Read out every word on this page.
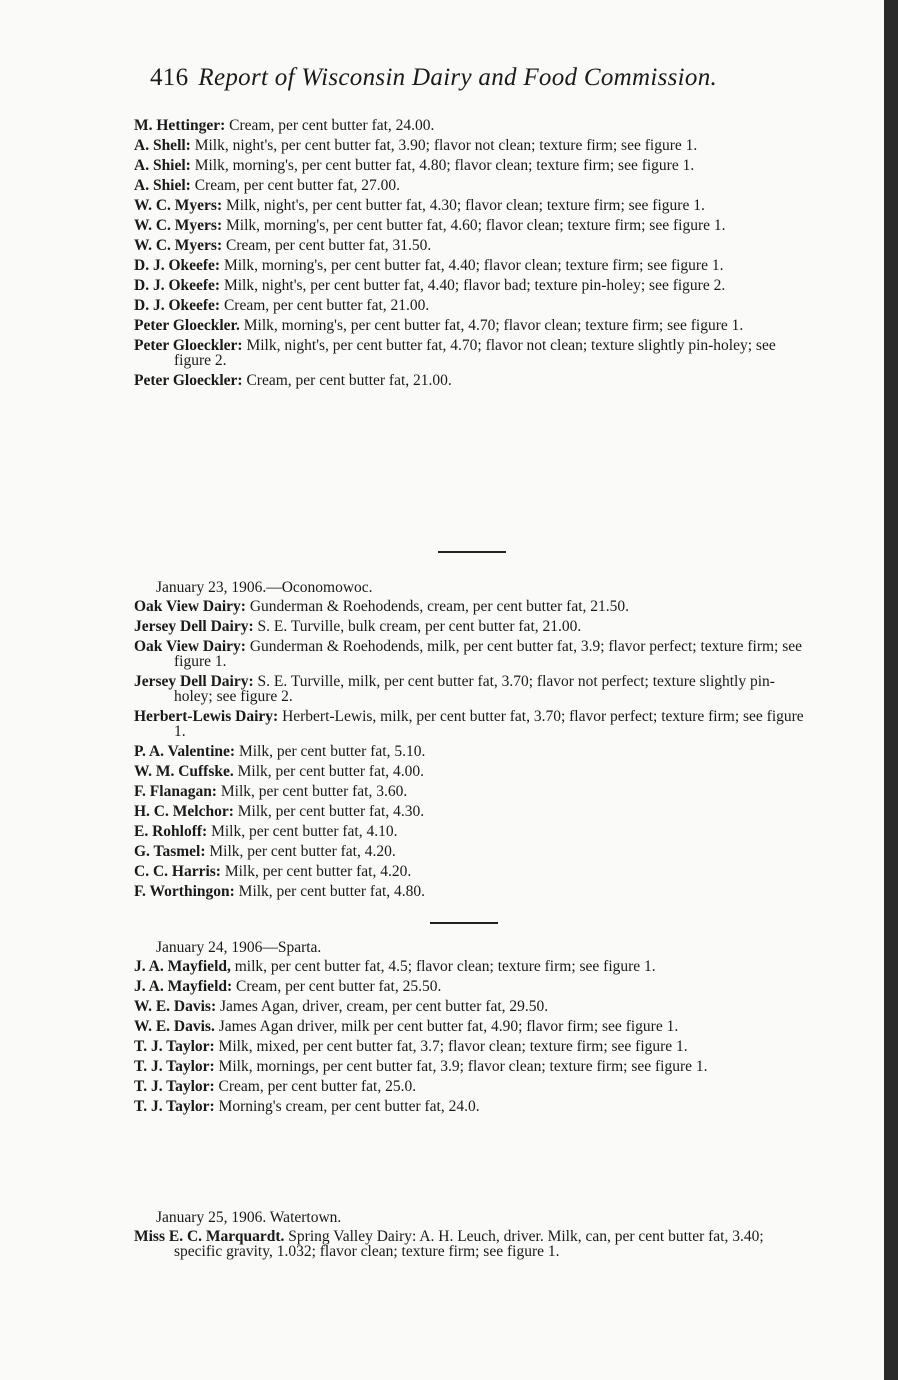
416 Report of Wisconsin Dairy and Food Commission.
M. Hettinger: Cream, per cent butter fat, 24.00.
A. Shell: Milk, night's, per cent butter fat, 3.90; flavor not clean; texture firm; see figure 1.
A. Shiel: Milk, morning's, per cent butter fat, 4.80; flavor clean; texture firm; see figure 1.
A. Shiel: Cream, per cent butter fat, 27.00.
W. C. Myers: Milk, night's, per cent butter fat, 4.30; flavor clean; texture firm; see figure 1.
W. C. Myers: Milk, morning's, per cent butter fat, 4.60; flavor clean; texture firm; see figure 1.
W. C. Myers: Cream, per cent butter fat, 31.50.
D. J. Okeefe: Milk, morning's, per cent butter fat, 4.40; flavor clean; texture firm; see figure 1.
D. J. Okeefe: Milk, night's, per cent butter fat, 4.40; flavor bad; texture pin-holey; see figure 2.
D. J. Okeefe: Cream, per cent butter fat, 21.00.
Peter Gloeckler. Milk, morning's, per cent butter fat, 4.70; flavor clean; texture firm; see figure 1.
Peter Gloeckler: Milk, night's, per cent butter fat, 4.70; flavor not clean; texture slightly pin-holey; see figure 2.
Peter Gloeckler: Cream, per cent butter fat, 21.00.
January 23, 1906.—Oconomowoc.
Oak View Dairy: Gunderman & Roehodends, cream, per cent butter fat, 21.50.
Jersey Dell Dairy: S. E. Turville, bulk cream, per cent butter fat, 21.00.
Oak View Dairy: Gunderman & Roehodends, milk, per cent butter fat, 3.9; flavor perfect; texture firm; see figure 1.
Jersey Dell Dairy: S. E. Turville, milk, per cent butter fat, 3.70; flavor not perfect; texture slightly pin-holey; see figure 2.
Herbert-Lewis Dairy: Herbert-Lewis, milk, per cent butter fat, 3.70; flavor perfect; texture firm; see figure 1.
P. A. Valentine: Milk, per cent butter fat, 5.10.
W. M. Cuffske. Milk, per cent butter fat, 4.00.
F. Flanagan: Milk, per cent butter fat, 3.60.
H. C. Melchor: Milk, per cent butter fat, 4.30.
E. Rohloff: Milk, per cent butter fat, 4.10.
G. Tasmel: Milk, per cent butter fat, 4.20.
C. C. Harris: Milk, per cent butter fat, 4.20.
F. Worthingon: Milk, per cent butter fat, 4.80.
January 24, 1906—Sparta.
J. A. Mayfield, milk, per cent butter fat, 4.5; flavor clean; texture firm; see figure 1.
J. A. Mayfield: Cream, per cent butter fat, 25.50.
W. E. Davis: James Agan, driver, cream, per cent butter fat, 29.50.
W. E. Davis. James Agan driver, milk per cent butter fat, 4.90; flavor firm; see figure 1.
T. J. Taylor: Milk, mixed, per cent butter fat, 3.7; flavor clean; texture firm; see figure 1.
T. J. Taylor: Milk, mornings, per cent butter fat, 3.9; flavor clean; texture firm; see figure 1.
T. J. Taylor: Cream, per cent butter fat, 25.0.
T. J. Taylor: Morning's cream, per cent butter fat, 24.0.
January 25, 1906. Watertown.
Miss E. C. Marquardt. Spring Valley Dairy: A. H. Leuch, driver. Milk, can, per cent butter fat, 3.40; specific gravity, 1.032; flavor clean; texture firm; see figure 1.
